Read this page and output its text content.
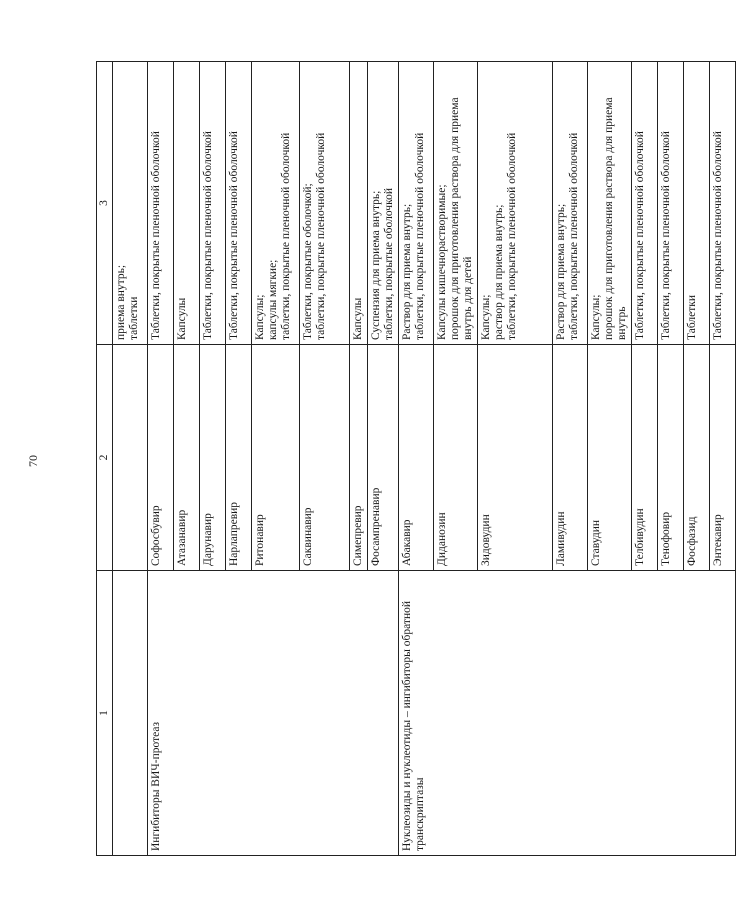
70
1	2	3

		приема внутрь; таблетки

Ингибиторы ВИЧ-протеаз	Софосбувир	Таблетки, покрытые пленочной оболочкой

	Атазанавир	Капсулы

	Дарунавир	Таблетки, покрытые пленочной оболочкой

	Нарлапревир	Таблетки, покрытые пленочной оболочкой

	Ритонавир	Капсулы; капсулы мягкие; таблетки, покрытые пленочной оболочкой

	Саквинавир	Таблетки, покрытые оболочкой; таблетки, покрытые пленочной оболочкой

	Симепревир	Капсулы

	Фосампренавир	Суспензия для приема внутрь; таблетки, покрытые оболочкой

Нуклеозиды и нуклеотиды – ингибиторы обратной транскриптазы	Абакавир	Раствор для приема внутрь; таблетки, покрытые пленочной оболочкой

	Диданозин	Капсулы кишечнорастворимые; порошок для приготовления раствора для приема внутрь для детей

	Зидовудин	Капсулы; раствор для приема внутрь; таблетки, покрытые пленочной оболочкой

	Ламивудин	Раствор для приема внутрь; таблетки, покрытые пленочной оболочкой

	Ставудин	Капсулы; порошок для приготовления раствора для приема внутрь

	Телбивудин	Таблетки, покрытые пленочной оболочкой

	Тенофовир	Таблетки, покрытые пленочной оболочкой

	Фосфазид	Таблетки

	Энтекавир	Таблетки, покрытые пленочной оболочкой
